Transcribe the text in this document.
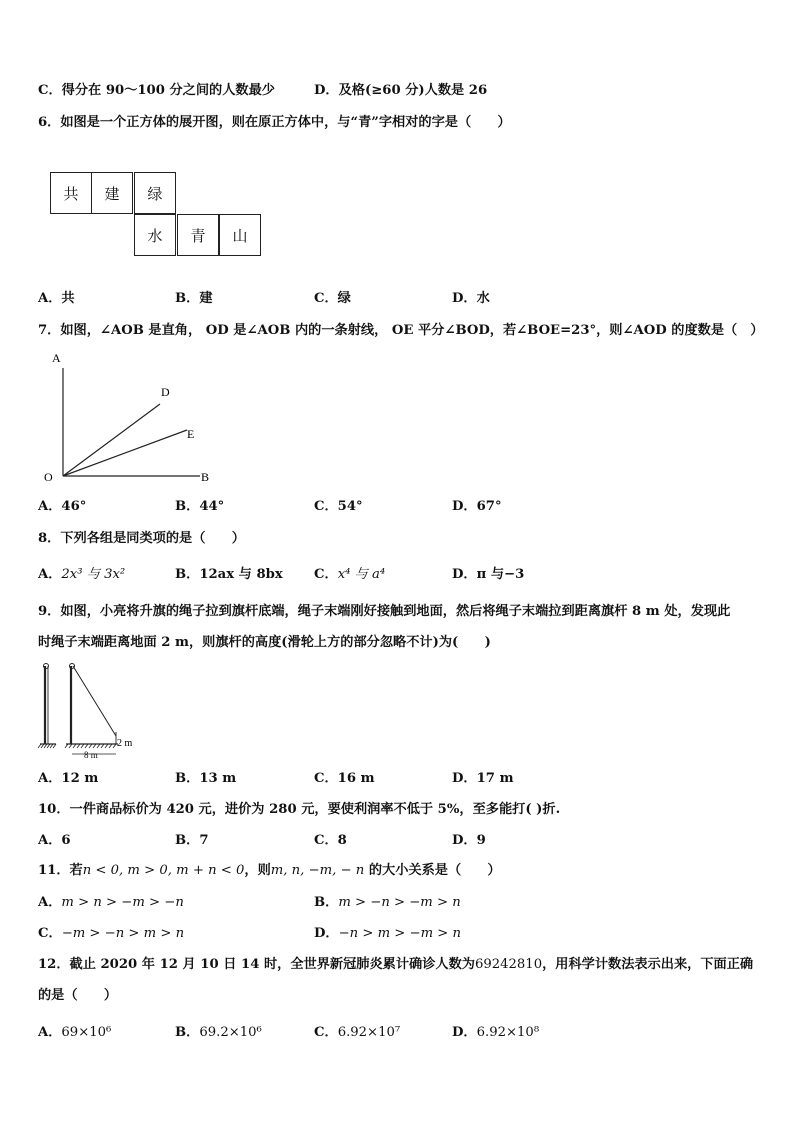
C．得分在 90～100 分之间的人数最少	D．及格(≥60 分)人数是 26
6．如图是一个正方体的展开图，则在原正方体中，与“青”字相对的字是（　　）
共	建	绿
水	青	山
A．共	B．建	C．绿	D．水
7．如图，∠AOB 是直角， OD 是∠AOB 内的一条射线， OE 平分∠BOD，若∠BOE=23°，则∠AOD 的度数是（　）
A
O	B
D
E
A．46°	B．44°	C．54°	D．67°
8．下列各组是同类项的是（　　）
A．2x³ 与 3x²	B．12ax 与 8bx C．x⁴ 与 a⁴	D．π 与−3
9．如图，小亮将升旗的绳子拉到旗杆底端，绳子末端刚好接触到地面，然后将绳子末端拉到距离旗杆 8 m 处，发现此
时绳子末端距离地面 2 m，则旗杆的高度(滑轮上方的部分忽略不计)为(　　)
2 m
8 m
A．12 m	B．13 m	C．16 m	D．17 m
10．一件商品标价为 420 元，进价为 280 元，要使利润率不低于 5%，至多能打( )折.
A．6	B．7	C．8	D．9
11．若n < 0, m > 0, m + n < 0，则m, n, −m, − n 的大小关系是（　　）
A．m > n > −m > −n	B．m > −n > −m > n
C．−m > −n > m > n	D．−n > m > −m > n
12．截止 2020 年 12 月 10 日 14 时，全世界新冠肺炎累计确诊人数为69242810，用科学计数法表示出来，下面正确
的是（　　）
A．69×10⁶	B．69.2×10⁶	C．6.92×10⁷	D．6.92×10⁸
